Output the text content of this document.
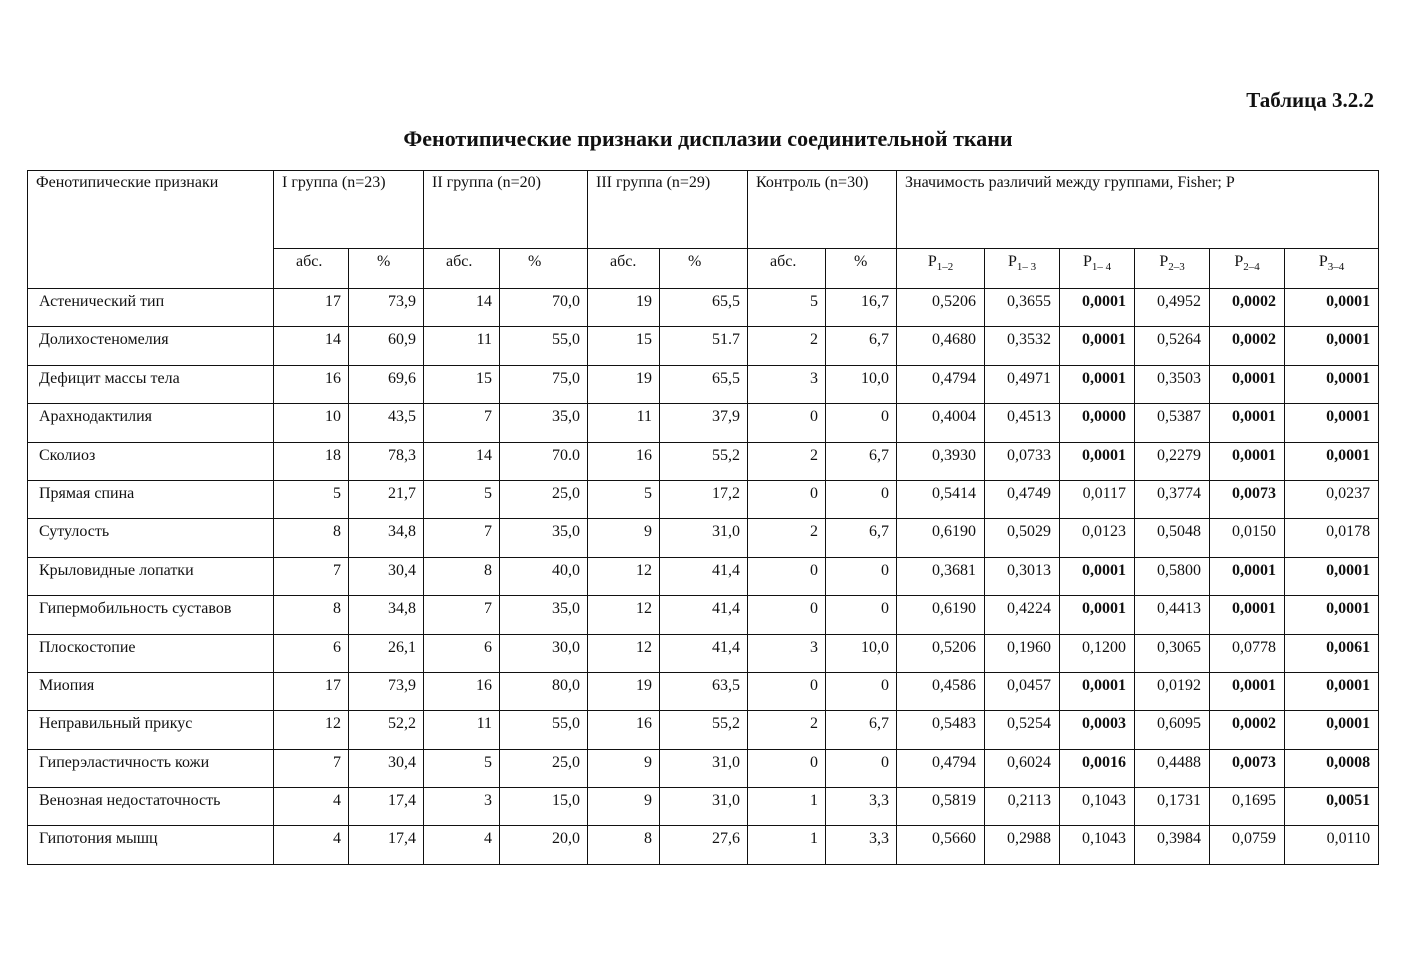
Таблица 3.2.2
Фенотипические признаки дисплазии соединительной ткани
Фенотипические признаки	I группа (n=23)		II группа (n=20)		III группа (n=29)		Контроль (n=30)		Значимость различий между группами, Fisher; P					
	абс.	%	абс.	%	абс.	%	абс.	%	$P_{1-2}$	$P_{1- 3}$	$P_{1- 4}$	$P_{2-3}$	$P_{2-4}$	$P_{3-4}$
Астенический тип	17	73,9	14	70,0	19	65,5	5	16,7	0,5206	0,3655	0,0001	0,4952	0,0002	0,0001
Долихостеномелия	14	60,9	11	55,0	15	51.7	2	6,7	0,4680	0,3532	0,0001	0,5264	0,0002	0,0001
Дефицит массы тела	16	69,6	15	75,0	19	65,5	3	10,0	0,4794	0,4971	0,0001	0,3503	0,0001	0,0001
Арахнодактилия	10	43,5	7	35,0	11	37,9	0	0	0,4004	0,4513	0,0000	0,5387	0,0001	0,0001
Сколиоз	18	78,3	14	70.0	16	55,2	2	6,7	0,3930	0,0733	0,0001	0,2279	0,0001	0,0001
Прямая спина	5	21,7	5	25,0	5	17,2	0	0	0,5414	0,4749	0,0117	0,3774	0,0073	0,0237
Сутулость	8	34,8	7	35,0	9	31,0	2	6,7	0,6190	0,5029	0,0123	0,5048	0,0150	0,0178
Крыловидные лопатки	7	30,4	8	40,0	12	41,4	0	0	0,3681	0,3013	0,0001	0,5800	0,0001	0,0001
Гипермобильность суставов	8	34,8	7	35,0	12	41,4	0	0	0,6190	0,4224	0,0001	0,4413	0,0001	0,0001
Плоскостопие	6	26,1	6	30,0	12	41,4	3	10,0	0,5206	0,1960	0,1200	0,3065	0,0778	0,0061
Миопия	17	73,9	16	80,0	19	63,5	0	0	0,4586	0,0457	0,0001	0,0192	0,0001	0,0001
Неправильный прикус	12	52,2	11	55,0	16	55,2	2	6,7	0,5483	0,5254	0,0003	0,6095	0,0002	0,0001
Гиперэластичность кожи	7	30,4	5	25,0	9	31,0	0	0	0,4794	0,6024	0,0016	0,4488	0,0073	0,0008
Венозная недостаточность	4	17,4	3	15,0	9	31,0	1	3,3	0,5819	0,2113	0,1043	0,1731	0,1695	0,0051
Гипотония мышц	4	17,4	4	20,0	8	27,6	1	3,3	0,5660	0,2988	0,1043	0,3984	0,0759	0,0110
